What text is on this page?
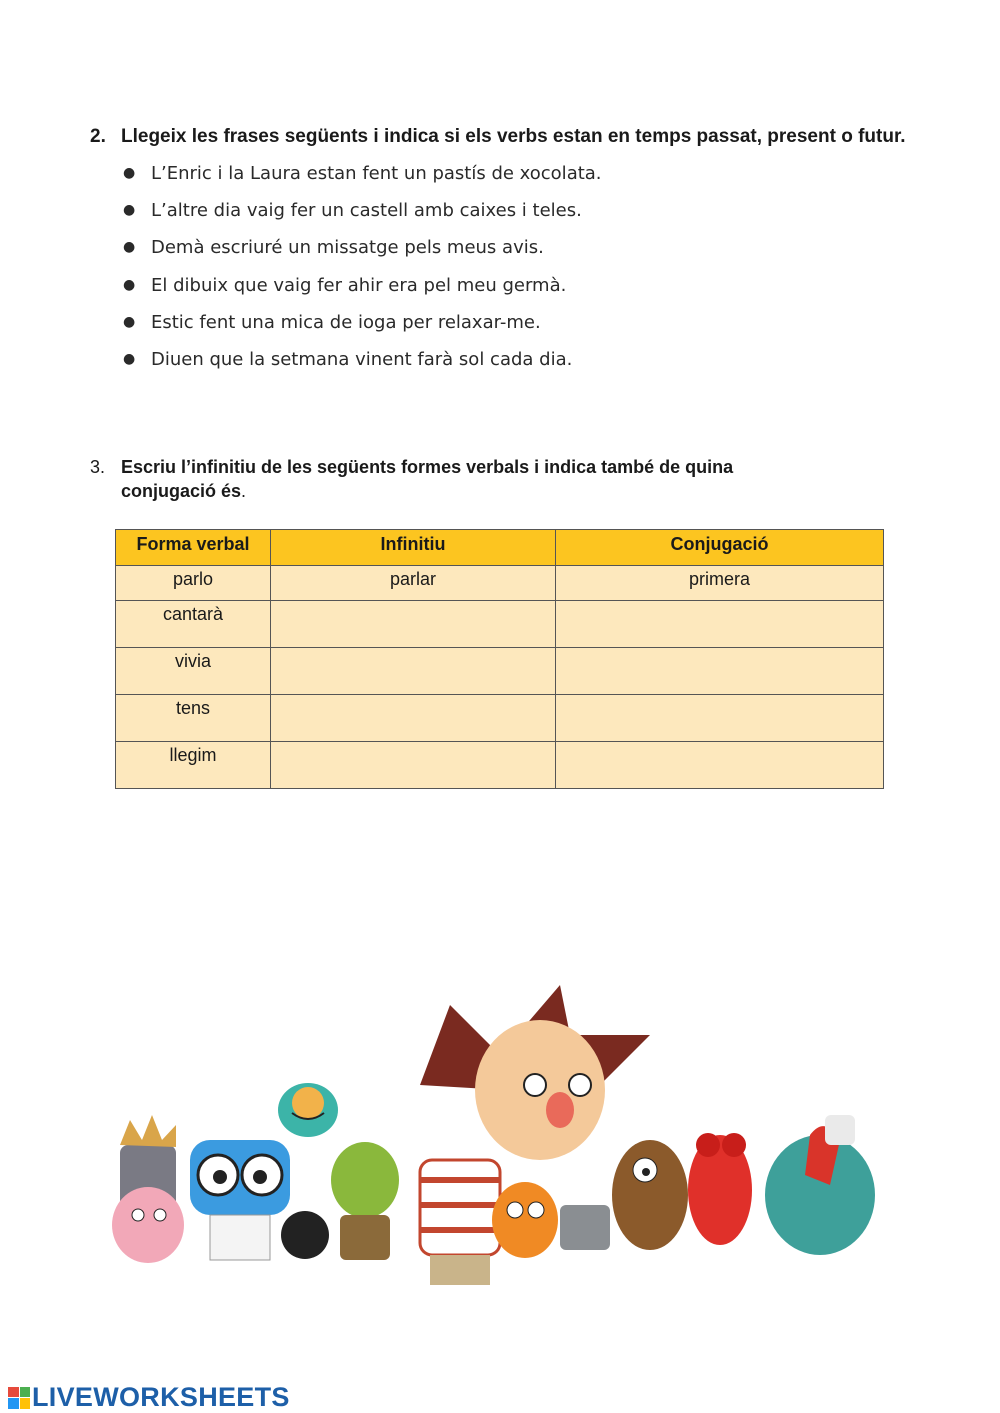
2. Llegeix les frases següents i indica si els verbs estan en temps passat, present o futur.
● L’Enric i la Laura estan fent un pastís de xocolata.
● L’altre dia vaig fer un castell amb caixes i teles.
● Demà escriuré un missatge pels meus avis.
● El dibuix que vaig fer ahir era pel meu germà.
● Estic fent una mica de ioga per relaxar-me.
● Diuen que la setmana vinent farà sol cada dia.
3. Escriu l’infinitiu de les següents formes verbals i indica també de quina conjugació és.
Forma verbal	Infinitiu	Conjugació
parlo	parlar	primera
cantarà		
vivia		
tens		
llegim		
LIVEWORKSHEETS
